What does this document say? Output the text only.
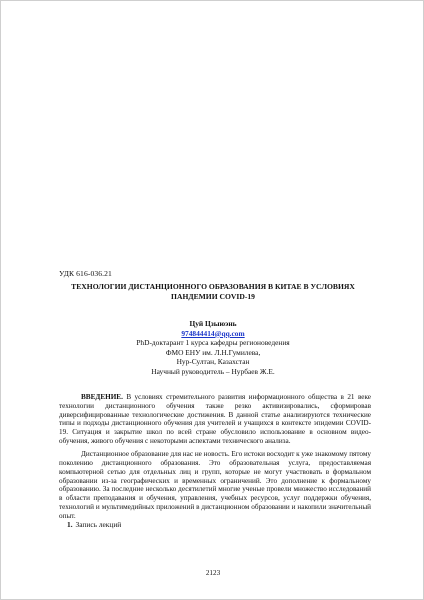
УДК 616-036.21
ТЕХНОЛОГИИ ДИСТАНЦИОННОГО ОБРАЗОВАНИЯ В КИТАЕ В УСЛОВИЯХ
ПАНДЕМИИ COVID-19
Цуй Цзыюэнь
974844414@qq.com
PhD-доктарант 1 курса кафедры регионоведения
ФМО ЕНУ им. Л.Н.Гумилева,
Нур-Султан, Казахстан
Научный руководитель – Нурбаев Ж.Е.

ВВЕДЕНИЕ. В условиях стремительного развития информационного общества в 21 веке технологии дистанционного обучения также резко активизировались, сформировав диверсифицированные технологические достижения. В данной статье анализируются технические типы и подходы дистанционного обучения для учителей и учащихся в контексте эпидемии COVID-19. Ситуация и закрытие школ по всей стране обусловило использование в основном видео-обучения, живого обучения с некоторыми аспектами технического анализа.

Дистанционное образование для нас не новость. Его истоки восходит к уже знакомому пятому поколению дистанционного образования. Это образовательная услуга, предоставляемая компьютерной сетью для отдельных лиц и групп, которые не могут участвовать в формальном образовании из-за географических и временных ограничений. Это дополнение к формальному образованию. За последние несколько десятилетий многие ученые провели множество исследований в области преподавания и обучения, управления, учебных ресурсов, услуг поддержки обучения, технологий и мультимедийных приложений в дистанционном образовании и накопили значительный опыт.

1. Запись лекций
2123
